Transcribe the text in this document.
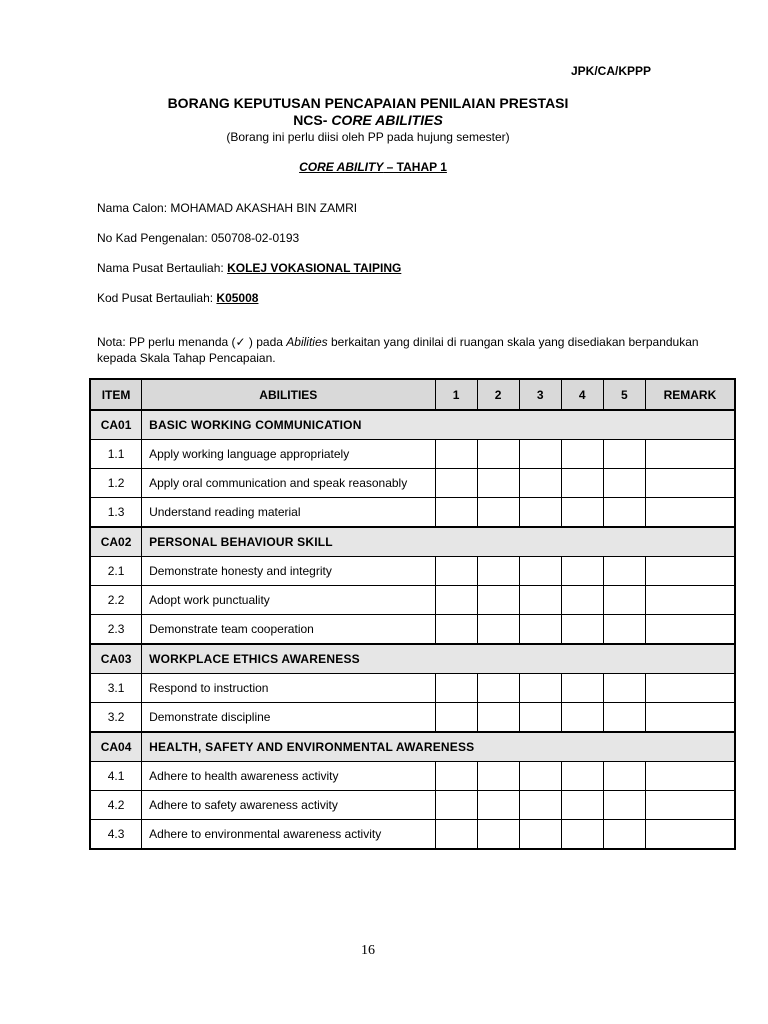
JPK/CA/KPPP
BORANG KEPUTUSAN PENCAPAIAN PENILAIAN PRESTASI
NCS- CORE ABILITIES
(Borang ini perlu diisi oleh PP pada hujung semester)
CORE ABILITY – TAHAP 1
Nama Calon: MOHAMAD AKASHAH BIN ZAMRI
No Kad Pengenalan: 050708-02-0193
Nama Pusat Bertauliah: KOLEJ VOKASIONAL TAIPING
Kod Pusat Bertauliah: K05008
Nota: PP perlu menanda (✓ ) pada Abilities berkaitan yang dinilai di ruangan skala yang disediakan berpandukan kepada Skala Tahap Pencapaian.
ITEM	ABILITIES	1	2	3	4	5	REMARK
CA01	BASIC WORKING COMMUNICATION						
1.1	Apply working language appropriately						
1.2	Apply oral communication and speak reasonably						
1.3	Understand reading material						
CA02	PERSONAL BEHAVIOUR SKILL						
2.1	Demonstrate honesty and integrity						
2.2	Adopt work punctuality						
2.3	Demonstrate team cooperation						
CA03	WORKPLACE ETHICS AWARENESS						
3.1	Respond to instruction						
3.2	Demonstrate discipline						
CA04	HEALTH, SAFETY AND ENVIRONMENTAL AWARENESS						
4.1	Adhere to health awareness activity						
4.2	Adhere to safety awareness activity						
4.3	Adhere to environmental awareness activity						
16
